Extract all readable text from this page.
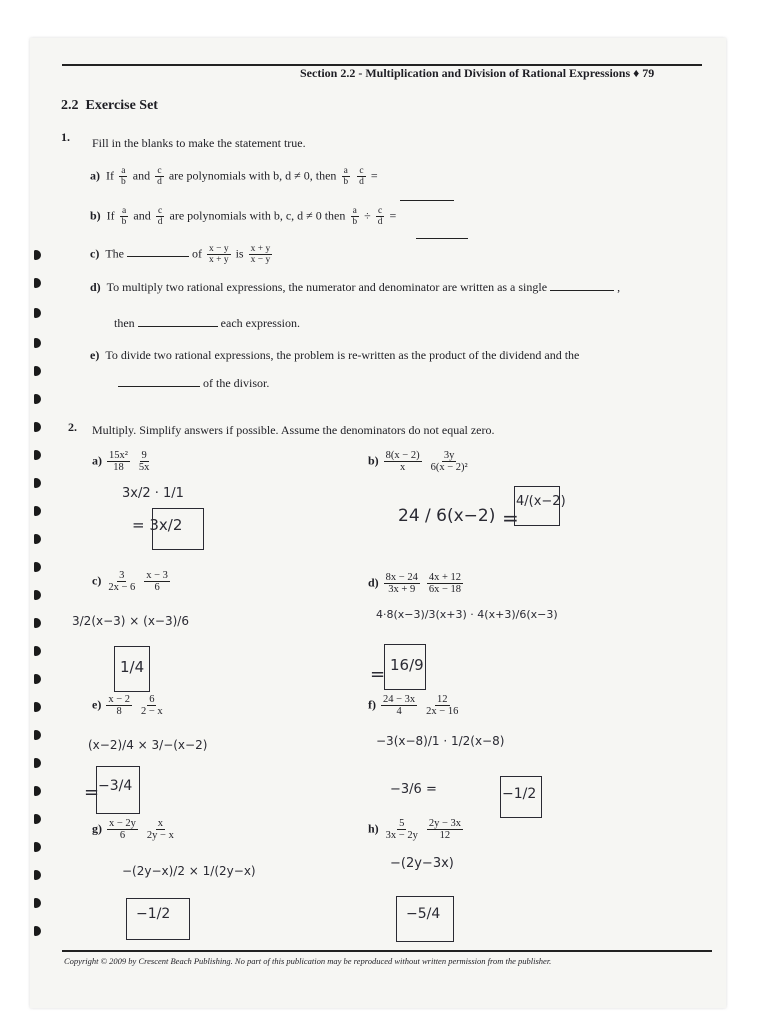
Section 2.2 - Multiplication and Division of Rational Expressions ♦ 79
2.2 Exercise Set
1. Fill in the blanks to make the statement true.
a) If $\frac{a}{b}$ and $\frac{c}{d}$ are polynomials with b, d ≠ 0, then $\frac{a}{b}$
$\frac{c}{d}$ =
b) If $\frac{a}{b}$ and $\frac{c}{d}$ are polynomials with b, c, d ≠ 0 then $\frac{a}{b} \div \frac{c}{d}$ =
c) The	of $\frac{x - y}{x + y}$ is $\frac{x + y}{x - y}$
d) To multiply two rational expressions, the numerator and denominator are written as a single	,
then	each expression.
e) To divide two rational expressions, the problem is re-written as the product of the dividend and the
of the divisor.
2. Multiply. Simplify answers if possible. Assume the denominators do not equal zero.
$a) \frac{\text{15x²}}{18}$
$\frac{9}{5x}$
3x/2 · 1/1
= 3x/2
$b) \frac{8(x - 2)}{x}$
$\frac{3y}{\text{6(x − 2)²}}$
24 / 6(x−2) =
4/(x−2)
$c) \frac{3}{2x - 6}$
$\frac{x - 3}{6}$
3/2(x−3) × (x−3)/6
1/4
$d) \frac{8x - 24}{3x + 9}$
$\frac{4x + 12}{6x - 18}$
4·8(x−3)/3(x+3) · 4(x+3)/6(x−3)
= 16/9
$e) \frac{x - 2}{8}$
$\frac{6}{2 - x}$
(x−2)/4 × 3/−(x−2)
=
−3/4
$f) \frac{24 - 3x}{4}$
$\frac{12}{2x - 16}$
−3(x−8)/1 · 1/2(x−8)
−3/6 =	−1/2
$g) \frac{x - 2y}{6}$
$\frac{x}{2y - x}$
−(2y−x)/2 × 1/(2y−x)
−1/2
$h) \frac{5}{3x - 2y}$
$\frac{2y - 3x}{12}$
−(2y−3x)
−5/4
Copyright © 2009 by Crescent Beach Publishing. No part of this publication may be reproduced without written permission from the publisher.
